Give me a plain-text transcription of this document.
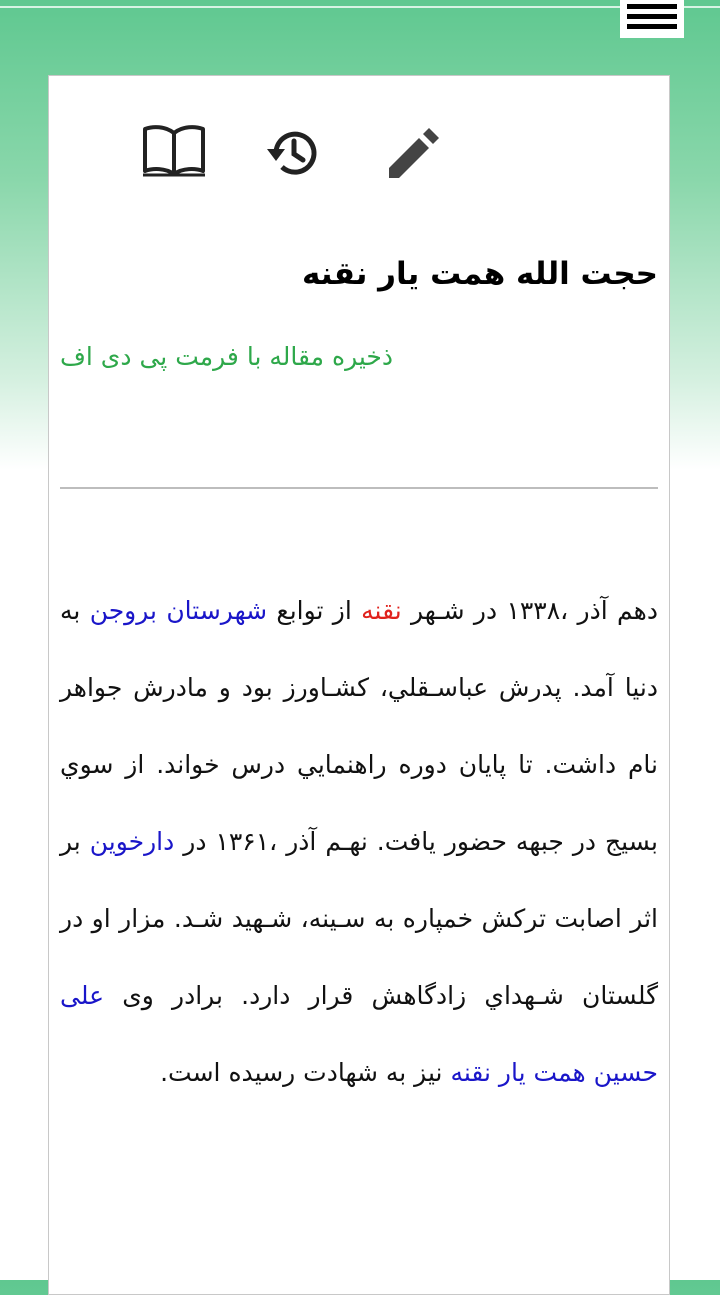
حجت الله همت یار نقنه
ذخیره مقاله با فرمت پی دی اف

دهم آذر ،۱۳۳۸ در شـهر نقنه از توابع شهرستان بروجن به دنيا آمد. پدرش عباسـقلي، كشـاورز بود و مادرش جواهر نام داشت. تا پايان دوره راهنمايي درس خواند. از سوي بسيج در جبهه حضور يافت. نهـم آذر ،۱۳۶۱ در دارخوین بر اثر اصابت تركش خمپاره به سـينه، شـهيد شـد. مزار او در گلستان شـهداي زادگاهش قرار دارد. برادر وی علی حسین همت یار نقنه نیز به شهادت رسیده است.
